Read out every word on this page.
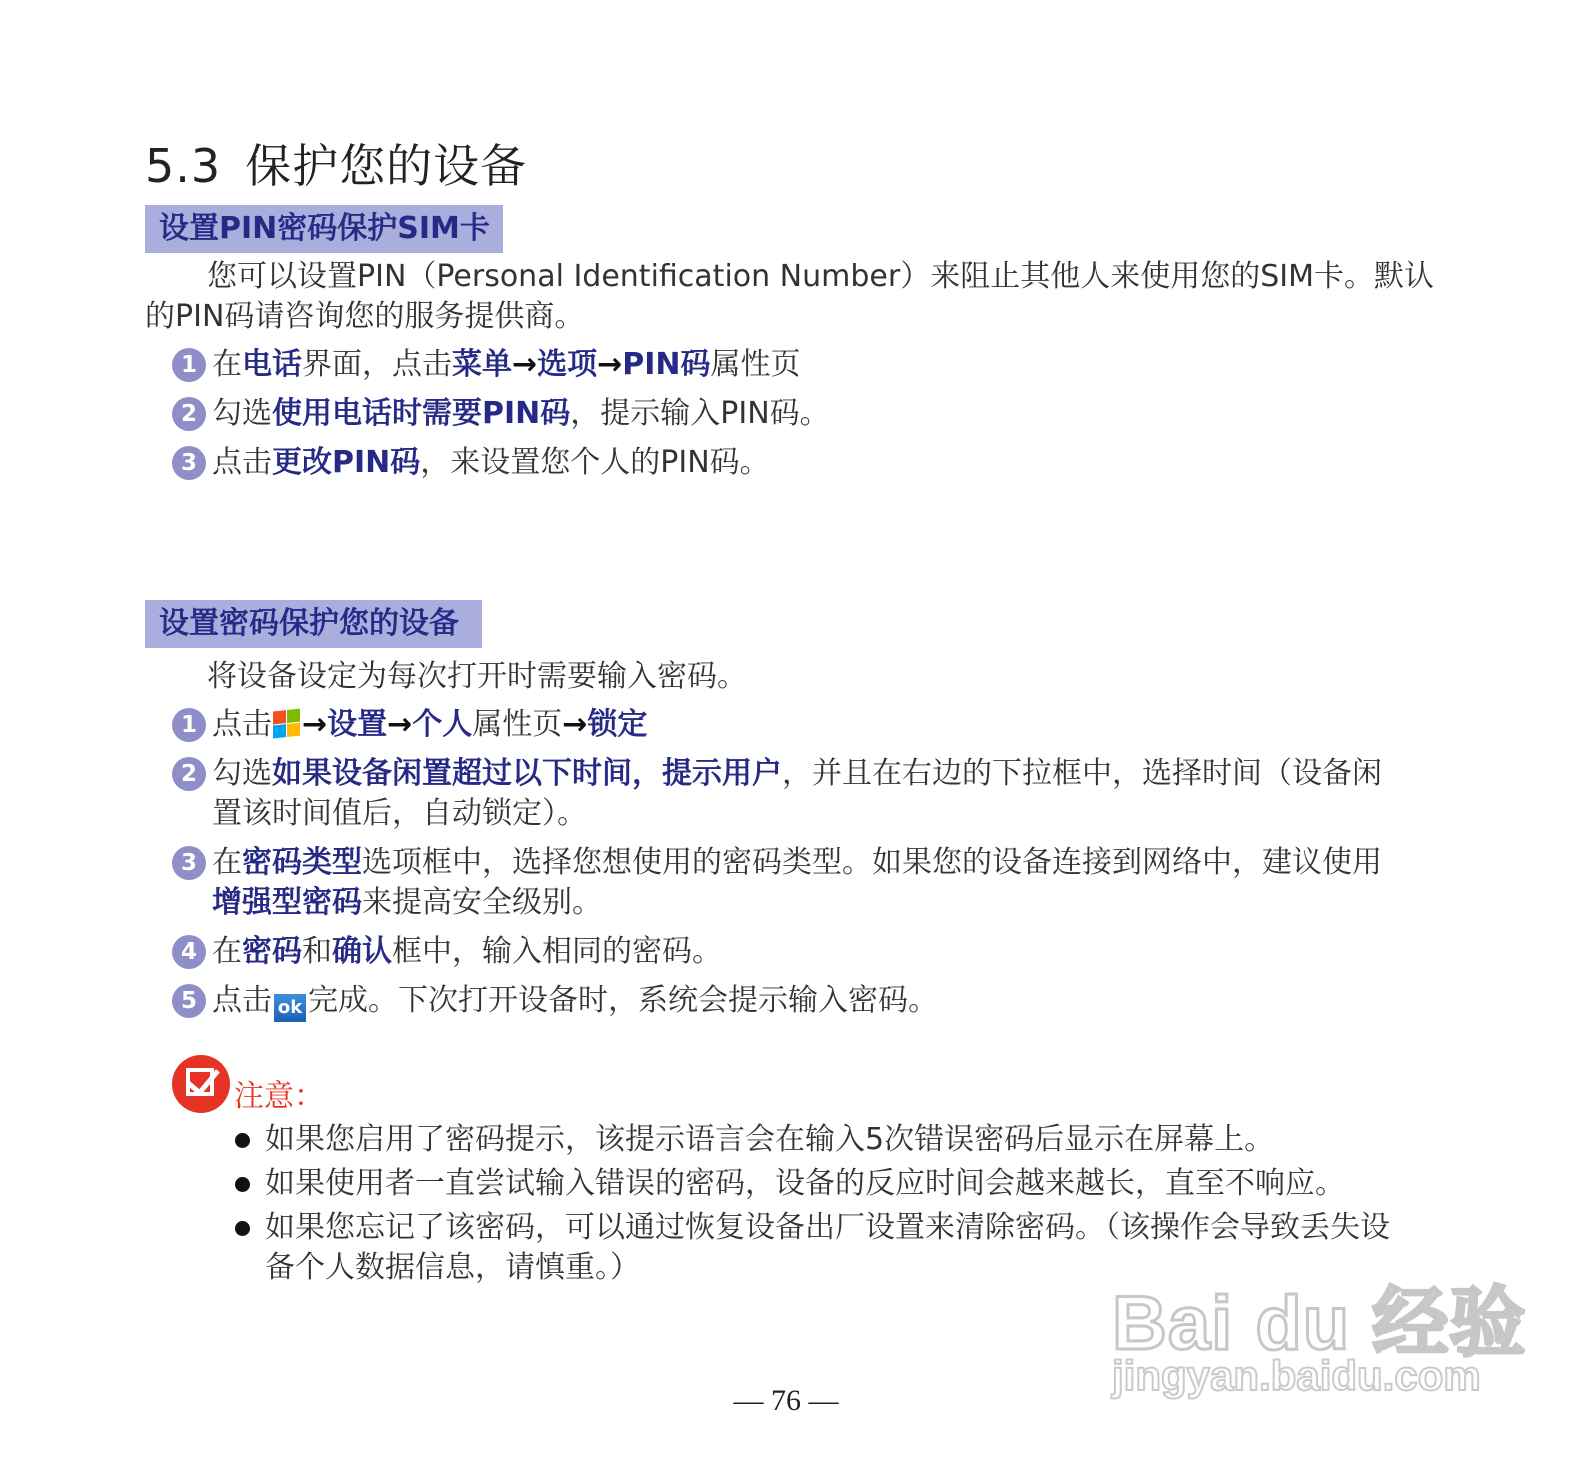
5.3 保护您的设备
设置PIN密码保护SIM卡

您可以设置PIN（Personal Identification Number）来阻止其他人来使用您的SIM卡。默认的PIN码请咨询您的服务提供商。

1 在电话界面，点击菜单→选项→PIN码属性页
2 勾选使用电话时需要PIN码，提示输入PIN码。
3 点击更改PIN码，来设置您个人的PIN码。
设置密码保护您的设备

将设备设定为每次打开时需要输入密码。

1 点击 →设置→个人属性页→锁定
2 勾选如果设备闲置超过以下时间，提示用户，并且在右边的下拉框中，选择时间（设备闲置该时间值后，自动锁定）。
3 在密码类型选项框中，选择您想使用的密码类型。如果您的设备连接到网络中，建议使用增强型密码来提高安全级别。
4 在密码和确认框中，输入相同的密码。
5 点击 ok 完成。下次打开设备时，系统会提示输入密码。
注意：
如果您启用了密码提示，该提示语言会在输入5次错误密码后显示在屏幕上。
如果使用者一直尝试输入错误的密码，设备的反应时间会越来越长，直至不响应。
如果您忘记了该密码，可以通过恢复设备出厂设置来清除密码。（该操作会导致丢失设备个人数据信息，请慎重。）
Bai du 经验
jingyan.baidu.com
— 76 —
